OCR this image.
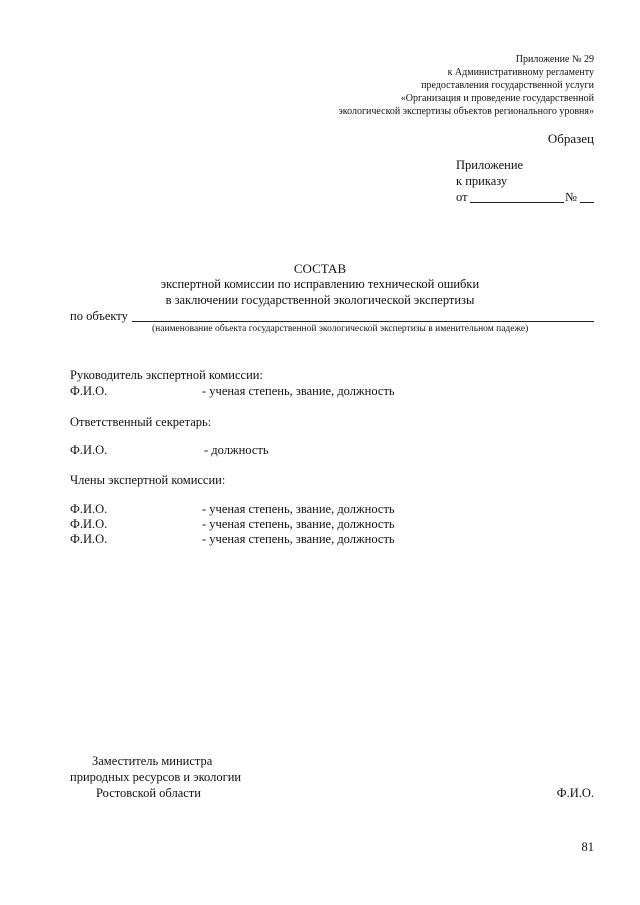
Приложение № 29
к Административному регламенту
предоставления государственной услуги
«Организация и проведение государственной
экологической экспертизы объектов регионального уровня»
Образец
Приложение
к приказу
от	№
СОСТАВ
экспертной комиссии по исправлению технической ошибки
в заключении государственной экологической экспертизы
по объекту
(наименование объекта государственной экологической экспертизы в именительном падеже)
Руководитель экспертной комиссии:
Ф.И.О.	- ученая степень, звание, должность
Ответственный секретарь:
Ф.И.О.	- должность
Члены экспертной комиссии:
Ф.И.О.	- ученая степень, звание, должность
Ф.И.О.	- ученая степень, звание, должность
Ф.И.О.	- ученая степень, звание, должность
Заместитель министра
природных ресурсов и экологии
Ростовской области	Ф.И.О.
81
